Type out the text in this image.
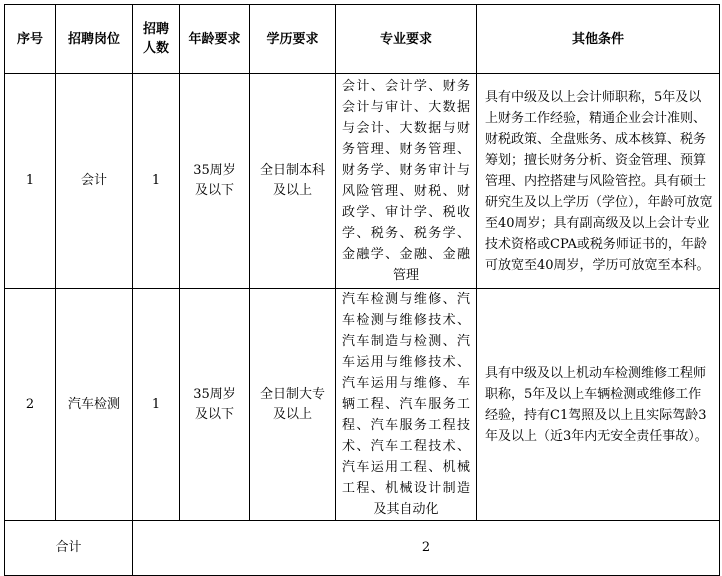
序号	招聘岗位	招聘人数	年龄要求	学历要求	专业要求	其他条件
1	会计	1	35周岁及以下	全日制本科及以上	会计、会计学、财务会计与审计、大数据与会计、大数据与财务管理、财务管理、财务学、财务审计与风险管理、财税、财政学、审计学、税收学、税务、税务学、金融学、金融、金融管理	具有中级及以上会计师职称，5年及以上财务工作经验，精通企业会计准则、财税政策、全盘账务、成本核算、税务筹划；擅长财务分析、资金管理、预算管理、内控搭建与风险管控。具有硕士研究生及以上学历（学位），年龄可放宽至40周岁；具有副高级及以上会计专业技术资格或CPA或税务师证书的，年龄可放宽至40周岁，学历可放宽至本科。
2	汽车检测	1	35周岁及以下	全日制大专及以上	汽车检测与维修、汽车检测与维修技术、汽车制造与检测、汽车运用与维修技术、汽车运用与维修、车辆工程、汽车服务工程、汽车服务工程技术、汽车工程技术、汽车运用工程、机械工程、机械设计制造及其自动化	具有中级及以上机动车检测维修工程师职称，5年及以上车辆检测或维修工作经验，持有C1驾照及以上且实际驾龄3年及以上（近3年内无安全责任事故）。
合计		2				
